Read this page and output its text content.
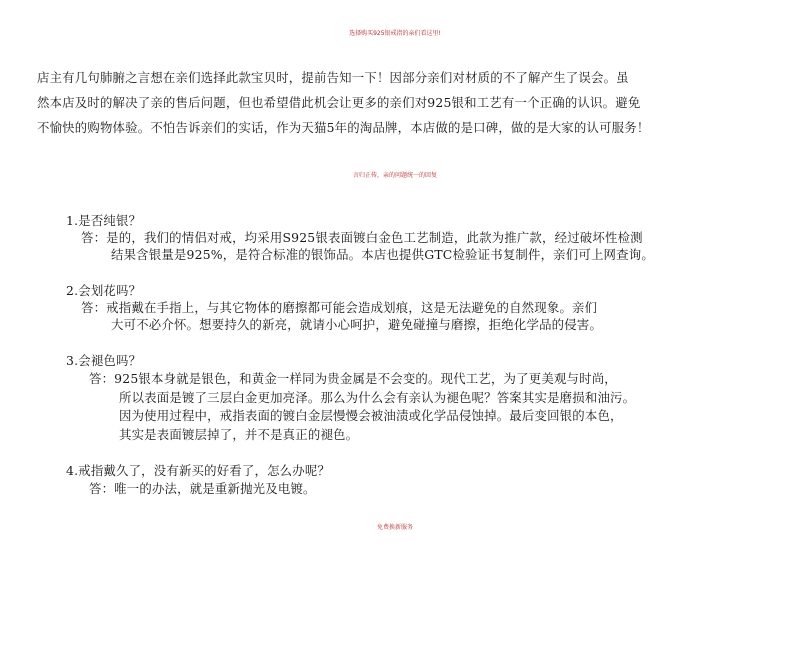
选择购买925银戒指的亲们看这里!
店主有几句肺腑之言想在亲们选择此款宝贝时，提前告知一下！因部分亲们对材质的不了解产生了误会。虽
然本店及时的解决了亲的售后问题，但也希望借此机会让更多的亲们对925银和工艺有一个正确的认识。避免
不愉快的购物体验。不怕告诉亲们的实话，作为天猫5年的淘品牌，本店做的是口碑，做的是大家的认可服务！
言归正传，亲的问题统一的回复
1.是否纯银？
答：是的，我们的情侣对戒，均采用S925银表面镀白金色工艺制造，此款为推广款，经过破坏性检测
结果含银量是925%，是符合标准的银饰品。本店也提供GTC检验证书复制件，亲们可上网查询。
2.会划花吗？
答：戒指戴在手指上，与其它物体的磨擦都可能会造成划痕，这是无法避免的自然现象。亲们
大可不必介怀。想要持久的新亮，就请小心呵护，避免碰撞与磨擦，拒绝化学品的侵害。
3.会褪色吗？
答：925银本身就是银色，和黄金一样同为贵金属是不会变的。现代工艺，为了更美观与时尚，
所以表面是镀了三层白金更加亮泽。那么为什么会有亲认为褪色呢？答案其实是磨损和油污。
因为使用过程中，戒指表面的镀白金层慢慢会被油渍或化学品侵蚀掉。最后变回银的本色，
其实是表面镀层掉了，并不是真正的褪色。
4.戒指戴久了，没有新买的好看了，怎么办呢？
答：唯一的办法，就是重新抛光及电镀。
免费换新服务
